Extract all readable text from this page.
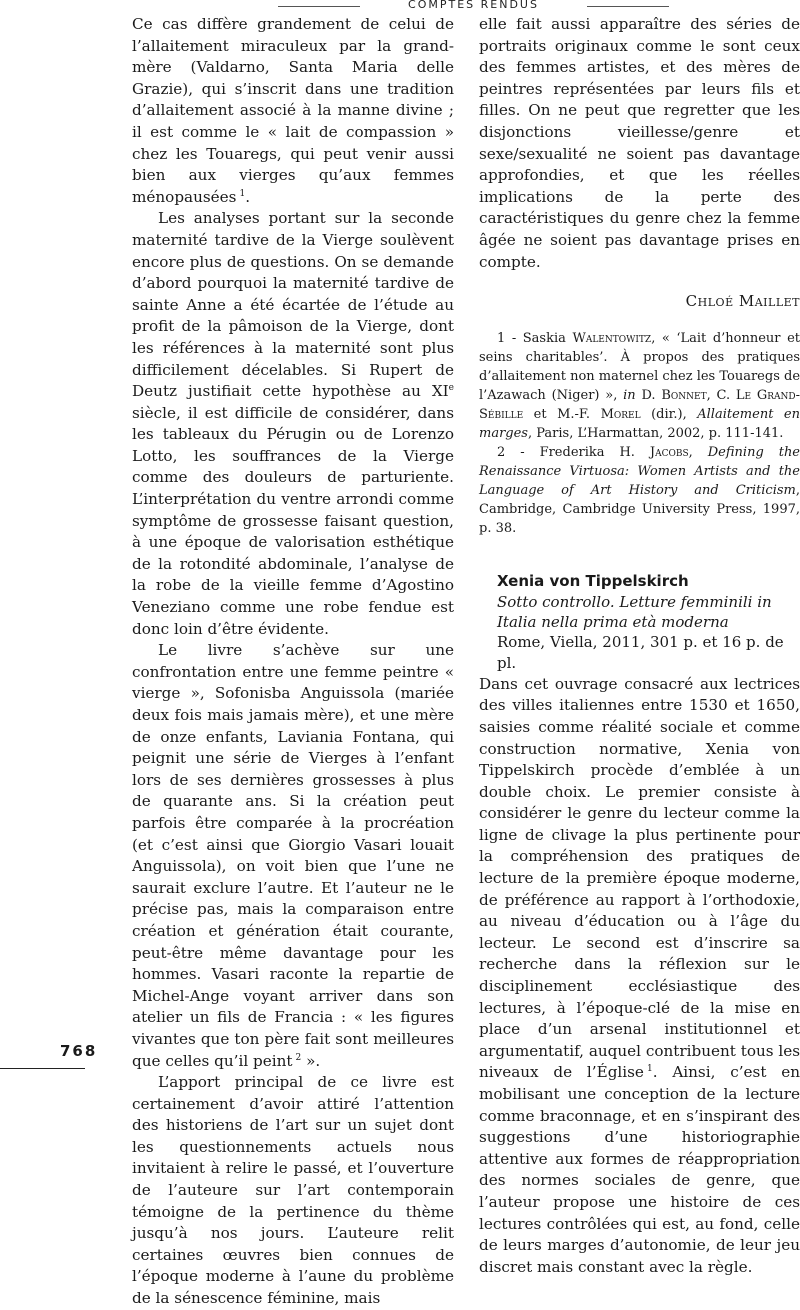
COMPTES RENDUS

Ce cas diffère grandement de celui de l’allaitement miraculeux par la grand-mère (Valdarno, Santa Maria delle Grazie), qui s’inscrit dans une tradition d’allaitement associé à la manne divine ; il est comme le « lait de compassion » chez les Touaregs, qui peut venir aussi bien aux vierges qu’aux femmes ménopausées  $^1$.

Les analyses portant sur la seconde maternité tardive de la Vierge soulèvent encore plus de questions. On se demande d’abord pourquoi la maternité tardive de sainte Anne a été écartée de l’étude au profit de la pâmoison de la Vierge, dont les références à la maternité sont plus difficilement décelables. Si Rupert de Deutz justifiait cette hypothèse au XIe siècle, il est difficile de considérer, dans les tableaux du Pérugin ou de Lorenzo Lotto, les souffrances de la Vierge comme des douleurs de parturiente. L’interprétation du ventre arrondi comme symptôme de grossesse faisant question, à une époque de valorisation esthétique de la rotondité abdominale, l’analyse de la robe de la vieille femme d’Agostino Veneziano comme une robe fendue est donc loin d’être évidente.

Le livre s’achève sur une confrontation entre une femme peintre « vierge », Sofonisba Anguissola (mariée deux fois mais jamais mère), et une mère de onze enfants, Laviania Fontana, qui peignit une série de Vierges à l’enfant lors de ses dernières grossesses à plus de quarante ans. Si la création peut parfois être comparée à la procréation (et c’est ainsi que Giorgio Vasari louait Anguissola), on voit bien que l’une ne saurait exclure l’autre. Et l’auteur ne le précise pas, mais la comparaison entre création et génération était courante, peut-être même davantage pour les hommes. Vasari raconte la repartie de Michel-Ange voyant arriver dans son atelier un fils de Francia : « les figures vivantes que ton père fait sont meilleures que celles qu’il peint  $^2$ ».

L’apport principal de ce livre est certainement d’avoir attiré l’attention des historiens de l’art sur un sujet dont les questionnements actuels nous invitaient à relire le passé, et l’ouverture de l’auteure sur l’art contemporain témoigne de la pertinence du thème jusqu’à nos jours. L’auteure relit certaines œuvres bien connues de l’époque moderne à l’aune du problème de la sénescence féminine, mais

elle fait aussi apparaître des séries de portraits originaux comme le sont ceux des femmes artistes, et des mères de peintres représentées par leurs fils et filles. On ne peut que regretter que les disjonctions vieillesse/genre et sexe/sexualité ne soient pas davantage approfondies, et que les réelles implications de la perte des caractéristiques du genre chez la femme âgée ne soient pas davantage prises en compte.

Chloé Maillet

1 - Saskia Walentowitz, « ‘Lait d’honneur et seins charitables’. À propos des pratiques d’allaitement non maternel chez les Touaregs de l’Azawach (Niger) », in D. Bonnet, C. Le Grand-Sébille et M.-F. Morel (dir.), Allaitement en marges, Paris, L’Harmattan, 2002, p. 111-141.

2 - Frederika H. Jacobs, Defining the Renaissance Virtuosa: Women Artists and the Language of Art History and Criticism, Cambridge, Cambridge University Press, 1997, p. 38.

Xenia von Tippelskirch
Sotto controllo. Letture femminili in Italia nella prima età moderna
Rome, Viella, 2011, 301 p. et 16 p. de pl.

Dans cet ouvrage consacré aux lectrices des villes italiennes entre 1530 et 1650, saisies comme réalité sociale et comme construction normative, Xenia von Tippelskirch procède d’emblée à un double choix. Le premier consiste à considérer le genre du lecteur comme la ligne de clivage la plus pertinente pour la compréhension des pratiques de lecture de la première époque moderne, de préférence au rapport à l’orthodoxie, au niveau d’éducation ou à l’âge du lecteur. Le second est d’inscrire sa recherche dans la réflexion sur le disciplinement ecclésiastique des lectures, à l’époque-clé de la mise en place d’un arsenal institutionnel et argumentatif, auquel contribuent tous les niveaux de l’Église  $^1$. Ainsi, c’est en mobilisant une conception de la lecture comme braconnage, et en s’inspirant des suggestions d’une historiographie attentive aux formes de réappropriation des normes sociales de genre, que l’auteur propose une histoire de ces lectures contrôlées qui est, au fond, celle de leurs marges d’autonomie, de leur jeu discret mais constant avec la règle.

768
